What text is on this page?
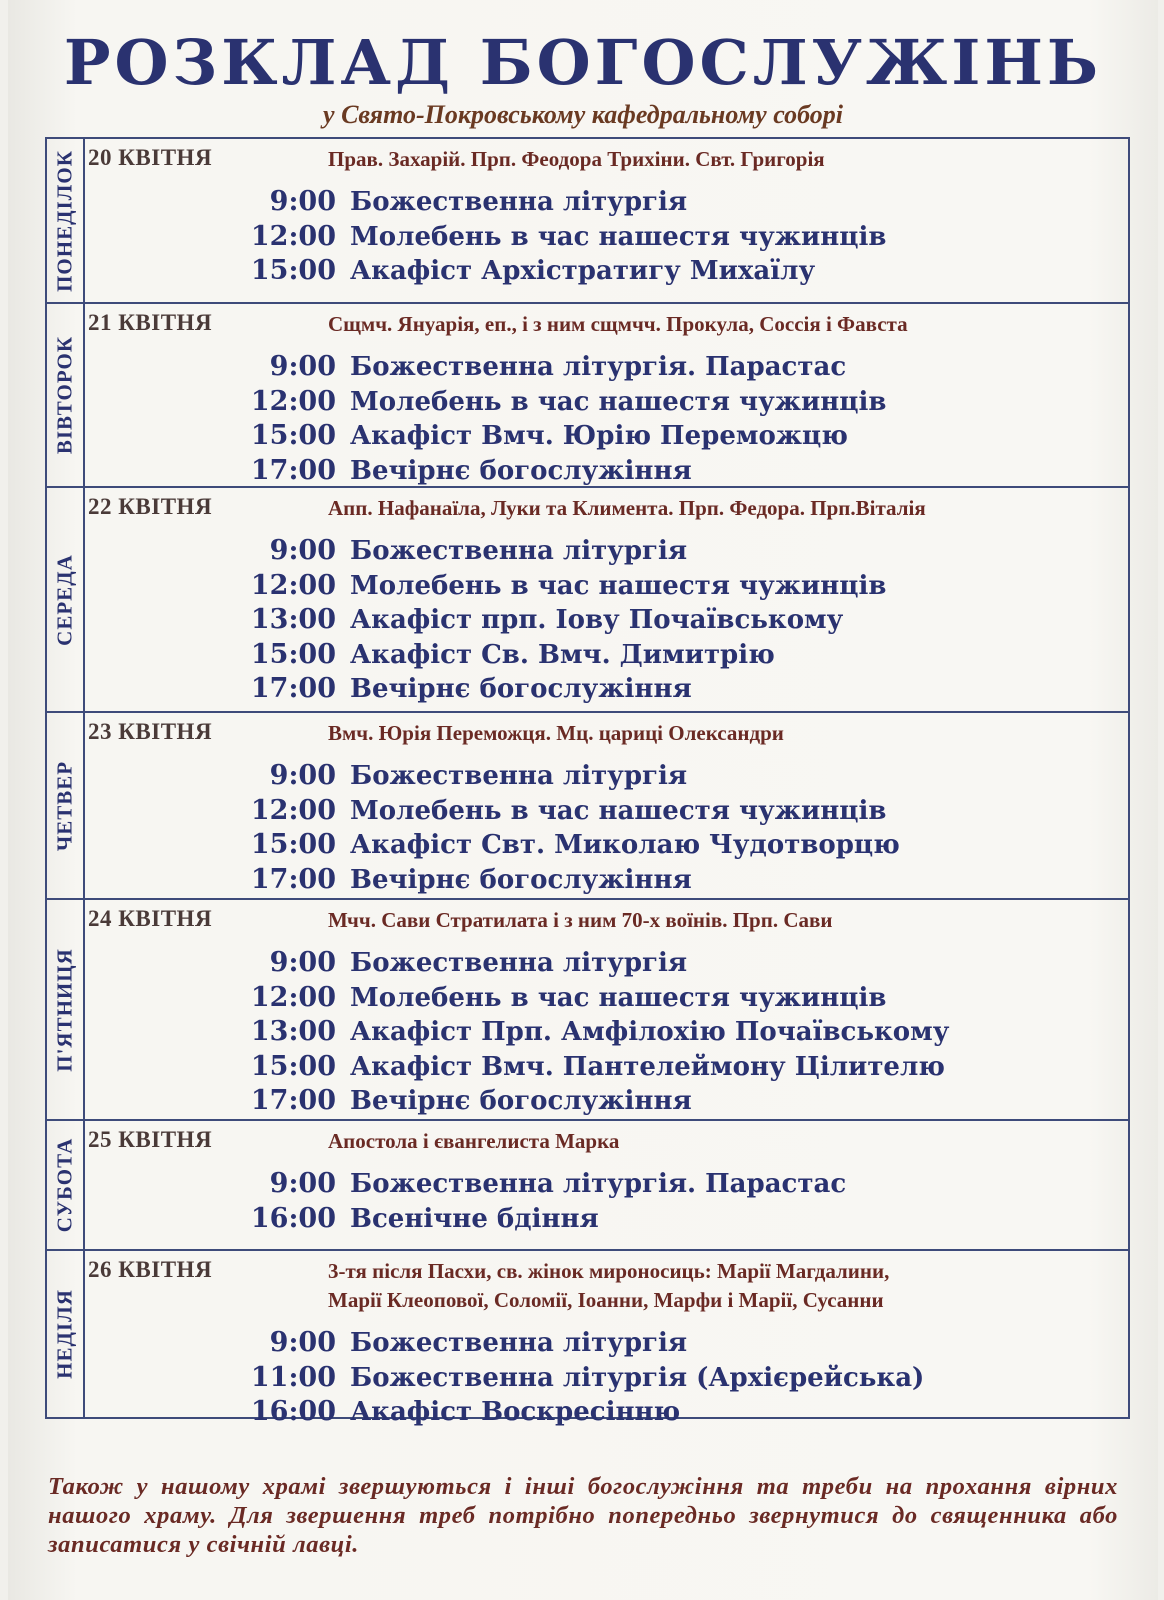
РОЗКЛАД БОГОСЛУЖІНЬ
у Свято-Покровському кафедральному соборі
ПОНЕДІЛОК 20 КВІТНЯ	Прав. Захарій. Прп. Феодора Трихіни. Свт. Григорія
9:00 Божественна літургія
12:00 Молебень в час нашестя чужинців
15:00 Акафіст Архістратигу Михаїлу
ВІВТОРОК
21 КВІТНЯ	Сщмч. Януарія, еп., і з ним сщмчч. Прокула, Соссія і Фавста
9:00 Божественна літургія. Парастас
12:00 Молебень в час нашестя чужинців
15:00 Акафіст Вмч. Юрію Переможцю
17:00 Вечірнє богослужіння
СЕРЕДА
22 КВІТНЯ	Апп. Нафанаїла, Луки та Климента. Прп. Федора. Прп.Віталія
9:00 Божественна літургія
12:00 Молебень в час нашестя чужинців
13:00 Акафіст прп. Іову Почаївському
15:00 Акафіст Св. Вмч. Димитрію
17:00 Вечірнє богослужіння
ЧЕТВЕР
23 КВІТНЯ	Вмч. Юрія Переможця. Мц. цариці Олександри
9:00 Божественна літургія
12:00 Молебень в час нашестя чужинців
15:00 Акафіст Свт. Миколаю Чудотворцю
17:00 Вечірнє богослужіння
П'ЯТНИЦЯ
24 КВІТНЯ	Мчч. Сави Стратилата і з ним 70-х воїнів. Прп. Сави
9:00 Божественна літургія
12:00 Молебень в час нашестя чужинців
13:00 Акафіст Прп. Амфілохію Почаївському
15:00 Акафіст Вмч. Пантелеймону Цілителю
17:00 Вечірнє богослужіння
СУБОТА 25 КВІТНЯ	Апостола і євангелиста Марка
9:00 Божественна літургія. Парастас
16:00 Всенічне бдіння
НЕДІЛЯ
26 КВІТНЯ	3-тя після Пасхи, св. жінок мироносиць: Марії Магдалини,
Марії Клеопової, Соломії, Іоанни, Марфи і Марії, Сусанни
9:00 Божественна літургія
11:00 Божественна літургія (Архієрейська)
16:00 Акафіст Воскресінню
Також у нашому храмі звершуються і інші богослужіння та треби на прохання вірних нашого храму. Для звершення треб потрібно попередньо звернутися до священника або записатися у свічній лавці.
